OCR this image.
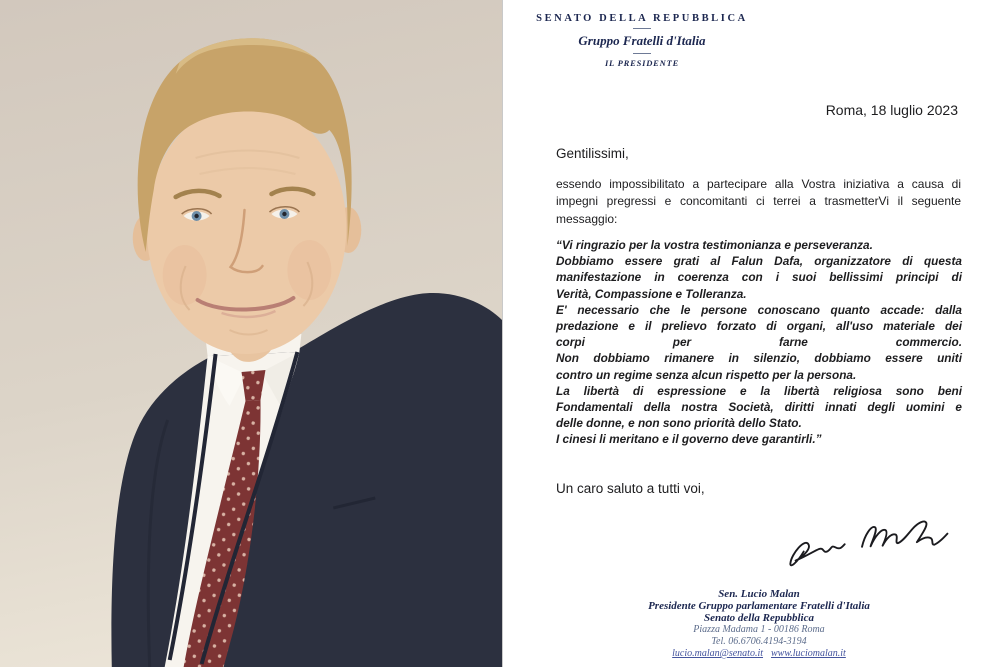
SENATO DELLA REPUBBLICA
Gruppo Fratelli d'Italia
IL PRESIDENTE
Roma, 18 luglio 2023
Gentilissimi,
essendo impossibilitato a partecipare alla Vostra iniziativa a causa di
impegni pregressi e concomitanti ci terrei a trasmetterVi il seguente
messaggio:
“Vi ringrazio per la vostra testimonianza e perseveranza.
Dobbiamo essere grati al Falun Dafa, organizzatore di questa
manifestazione in coerenza con i suoi bellissimi principi di
Verità, Compassione e Tolleranza.
E' necessario che le persone conoscano quanto accade: dalla
predazione e il prelievo forzato di organi, all'uso materiale dei
corpi per farne commercio.
Non dobbiamo rimanere in silenzio, dobbiamo essere uniti
contro un regime senza alcun rispetto per la persona.
La libertà di espressione e la libertà religiosa sono beni
Fondamentali della nostra Società, diritti innati degli uomini e
delle donne, e non sono priorità dello Stato.
I cinesi li meritano e il governo deve garantirli.”
Un caro saluto a tutti voi,
Sen. Lucio Malan
Presidente Gruppo parlamentare Fratelli d'Italia
Senato della Repubblica
Piazza Madama 1 - 00186 Roma
Tel. 06.6706.4194-3194
lucio.malan@senato.it www.luciomalan.it
